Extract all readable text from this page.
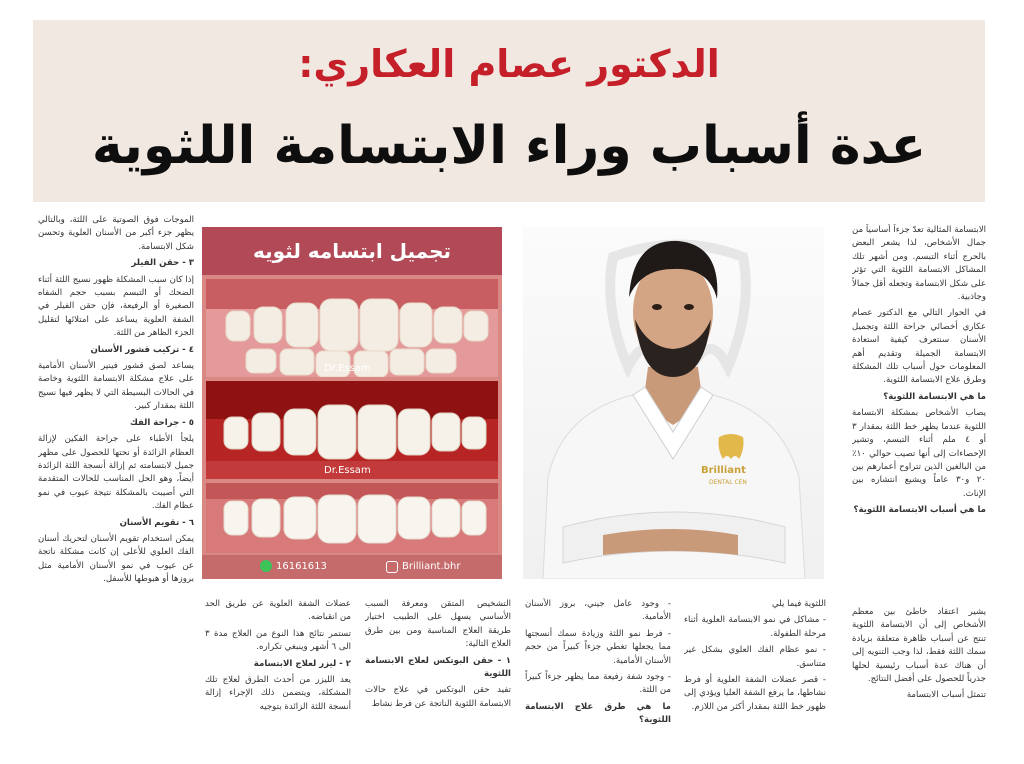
الدكتور عصام العكاري:
عدة أسباب وراء الابتسامة اللثوية

الابتسامة المثالية تعدّ جزءاً أساسياً من جمال الأشخاص، لذا يشعر البعض بالحرج أثناء التبسم. ومن أشهر تلك المشاكل الابتسامة اللثوية التي تؤثر على شكل الابتسامة وتجعله أقل جمالاً وجاذبية.

في الحوار التالي مع الدكتور عصام عكاري أخصائي جراحة اللثة وتجميل الأسنان سنتعرف كيفية استعادة الابتسامة الجميلة وتقديم أهم المعلومات حول أسباب تلك المشكلة وطرق علاج الابتسامة اللثوية.

ما هي الابتسامة اللثوية؟

يصاب الأشخاص بمشكلة الابتسامة اللثوية عندما يظهر خط اللثة بمقدار ٣ أو ٤ ملم أثناء التبسم، وتشير الإحصاءات إلى أنها تصيب حوالي ١٠٪ من البالغين الذين تتراوح أعمارهم بين ٢٠ و٣٠ عاماً ويشيع انتشاره بين الإناث.

ما هي أسباب الابتسامة اللثوية؟

يشير اعتقاد خاطئ بين معظم الأشخاص إلى أن الابتسامة اللثوية تنتج عن أسباب ظاهرة متعلقة بزيادة سمك اللثة فقط، لذا وجب التنويه إلى أن هناك عدة أسباب رئيسية لحلها جذرياً للحصول على أفضل النتائج.

تتمثل أسباب الابتسامة

Brilliant
DENTAL CEN
تجميل ابتسامه لثويه
Dr.Essam
Dr.Essam
16161613	Brilliant.bhr

الموجات فوق الصوتية على اللثة، وبالتالي يظهر جزء أكبر من الأسنان العلوية وتحسن شكل الابتسامة.

٣ - حقن الفيلر

إذا كان سبب المشكلة ظهور نسيج اللثة أثناء الضحك أو التبسم بسبب حجم الشفاه الصغيرة أو الرفيعة، فإن حقن الفيلر في الشفة العلوية يساعد على امتلائها لتقليل الجزء الظاهر من اللثة.

٤ - تركيب قشور الأسنان

يساعد لصق قشور فينير الأسنان الأمامية على علاج مشكلة الابتسامة اللثوية وخاصة في الحالات البسيطة التي لا يظهر فيها نسيج اللثة بمقدار كبير.

٥ - جراحة الفك

يلجأ الأطباء على جراحة الفكين لإزالة العظام الزائدة أو نحتها للحصول على مظهر جميل لابتسامته ثم إزالة أنسجة اللثة الزائدة أيضاً، وهو الحل المناسب للحالات المتقدمة التي أصيبت بالمشكلة نتيجة عيوب في نمو عظام الفك.

٦ - تقويم الأسنان

يمكن استخدام تقويم الأسنان لتحريك أسنان الفك العلوي للأعلى إن كانت مشكلة ناتجة عن عيوب في نمو الأسنان الأمامية مثل بروزها أو هبوطها للأسفل.

اللثوية فيما يلي

- مشاكل في نمو الابتسامة العلوية أثناء مرحلة الطفولة.

- نمو عظام الفك العلوي بشكل غير متناسق.

- قصر عضلات الشفة العلوية أو فرط نشاطها، ما يرفع الشفة العليا ويؤدي إلى ظهور خط اللثة بمقدار أكثر من اللازم.

- وجود عامل جيني، بروز الأسنان الأمامية.

- فرط نمو اللثة وزيادة سمك أنسجتها مما يجعلها تغطي جزءاً كبيراً من حجم الأسنان الأمامية.

- وجود شفة رفيعة مما يظهر جزءاً كبيراً من اللثة.

ما هي طرق علاج الابتسامة اللثوية؟

التشخيص المتقن ومعرفة السبب الأساسي يسهل على الطبيب اختيار طريقة العلاج المناسبة ومن بين طرق العلاج التالية:

١ - حقن البوتكس لعلاج الابتسامة اللثوية

تفيد حقن البوتكس في علاج حالات الابتسامة اللثوية الناتجة عن فرط نشاط

عضلات الشفة العلوية عن طريق الحد من انقباضه.

تستمر نتائج هذا النوع من العلاج مدة ٣ الى ٦ أشهر وينبغي تكراره.

٢ - ليزر لعلاج الابتسامة

يعد الليزر من أحدث الطرق لعلاج تلك المشكلة، ويتضمن ذلك الإجراء إزالة أنسجة اللثة الزائدة بتوجيه
